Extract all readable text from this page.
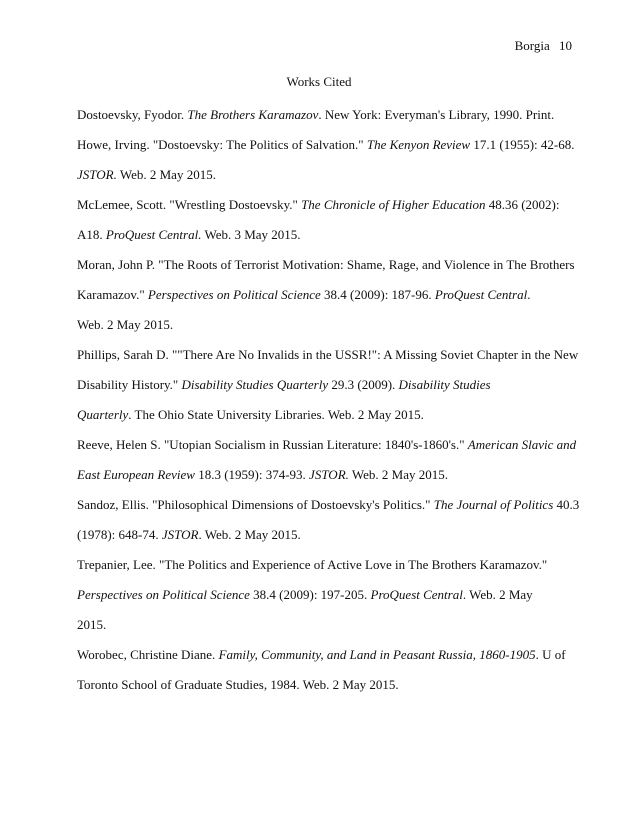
Borgia 10
Works Cited

Dostoevsky, Fyodor. The Brothers Karamazov. New York: Everyman's Library, 1990. Print.

Howe, Irving. "Dostoevsky: The Politics of Salvation." The Kenyon Review 17.1 (1955): 42-68.
JSTOR. Web. 2 May 2015.

McLemee, Scott. "Wrestling Dostoevsky." The Chronicle of Higher Education 48.36 (2002):
A18. ProQuest Central. Web. 3 May 2015.

Moran, John P. "The Roots of Terrorist Motivation: Shame, Rage, and Violence in The Brothers
Karamazov." Perspectives on Political Science 38.4 (2009): 187-96. ProQuest Central.
Web. 2 May 2015.

Phillips, Sarah D. ""There Are No Invalids in the USSR!": A Missing Soviet Chapter in the New
Disability History." Disability Studies Quarterly 29.3 (2009). Disability Studies
Quarterly. The Ohio State University Libraries. Web. 2 May 2015.

Reeve, Helen S. "Utopian Socialism in Russian Literature: 1840's-1860's." American Slavic and
East European Review 18.3 (1959): 374-93. JSTOR. Web. 2 May 2015.

Sandoz, Ellis. "Philosophical Dimensions of Dostoevsky's Politics." The Journal of Politics 40.3
(1978): 648-74. JSTOR. Web. 2 May 2015.

Trepanier, Lee. "The Politics and Experience of Active Love in The Brothers Karamazov."
Perspectives on Political Science 38.4 (2009): 197-205. ProQuest Central. Web. 2 May
2015.

Worobec, Christine Diane. Family, Community, and Land in Peasant Russia, 1860-1905. U of
Toronto School of Graduate Studies, 1984. Web. 2 May 2015.
